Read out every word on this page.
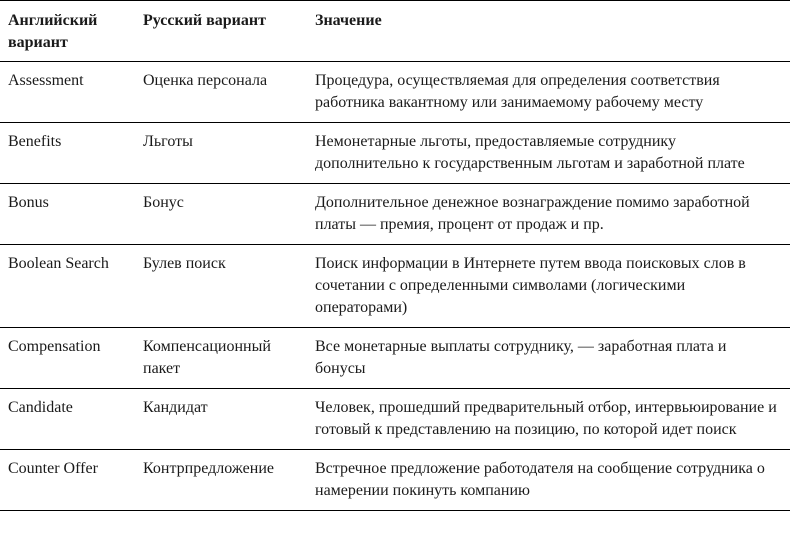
Английский вариант	Русский вариант	Значение
Assessment	Оценка персонала	Процедура, осуществляемая для определения соответствия работника вакантному или занимаемому рабочему месту
Benefits	Льготы	Немонетарные льготы, предоставляемые сотруднику дополнительно к государственным льготам и заработной плате
Bonus	Бонус	Дополнительное денежное вознаграждение помимо заработной платы — премия, процент от продаж и пр.
Boolean Search	Булев поиск	Поиск информации в Интернете путем ввода поисковых слов в сочетании с определенными символами (логическими операторами)
Compensation	Компенсационный пакет	Все монетарные выплаты сотруднику, — заработная плата и бонусы
Candidate	Кандидат	Человек, прошедший предварительный отбор, интервьюирование и готовый к представлению на позицию, по которой идет поиск
Counter Offer	Контрпредложение	Встречное предложение работодателя на сообщение сотрудника о намерении покинуть компанию
